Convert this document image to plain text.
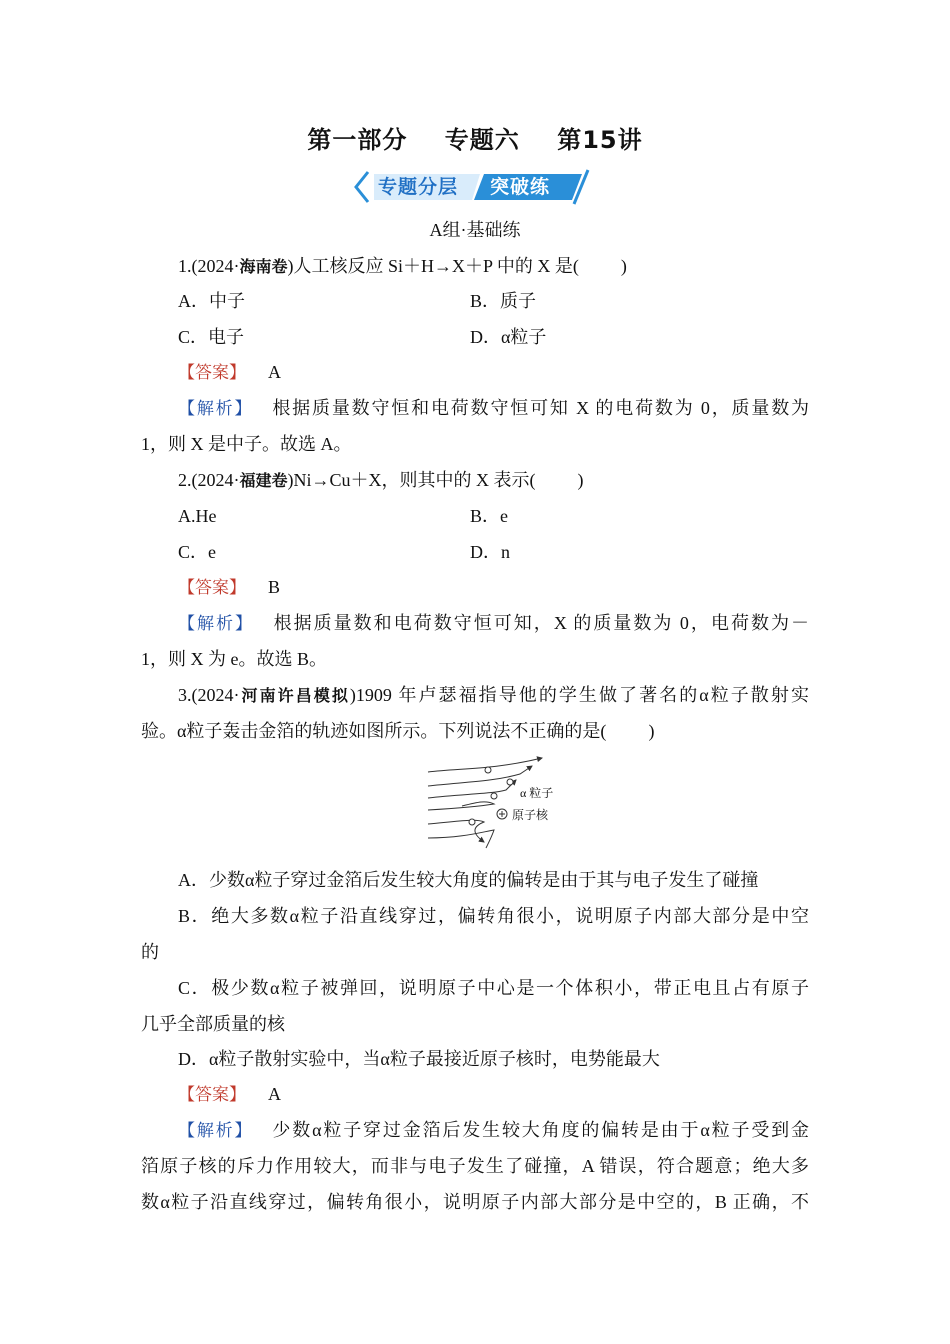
第一部分 专题六 第15讲
专题分层 突破练
A组·基础练
1.(2024·海南卷)人工核反应 Si＋H→X＋P 中的 X 是( )
A．中子	B．质子
C．电子	D．α粒子
【答案】 A
【解析】 根据质量数守恒和电荷数守恒可知 X 的电荷数为 0，质量数为
1，则 X 是中子。故选 A。
2.(2024·福建卷)Ni→Cu＋X，则其中的 X 表示( )
A.He	B．e
C．e	D．n
【答案】 B
【解析】 根据质量数和电荷数守恒可知，X 的质量数为 0，电荷数为－
1，则 X 为 e。故选 B。
3.(2024·河南许昌模拟)1909 年卢瑟福指导他的学生做了著名的α粒子散射实
验。α粒子轰击金箔的轨迹如图所示。下列说法不正确的是( )
α 粒子
原子核
A．少数α粒子穿过金箔后发生较大角度的偏转是由于其与电子发生了碰撞
B．绝大多数α粒子沿直线穿过，偏转角很小，说明原子内部大部分是中空
的
C．极少数α粒子被弹回，说明原子中心是一个体积小，带正电且占有原子
几乎全部质量的核
D．α粒子散射实验中，当α粒子最接近原子核时，电势能最大
【答案】 A
【解析】 少数α粒子穿过金箔后发生较大角度的偏转是由于α粒子受到金
箔原子核的斥力作用较大，而非与电子发生了碰撞，A 错误，符合题意；绝大多
数α粒子沿直线穿过，偏转角很小，说明原子内部大部分是中空的，B 正确，不
